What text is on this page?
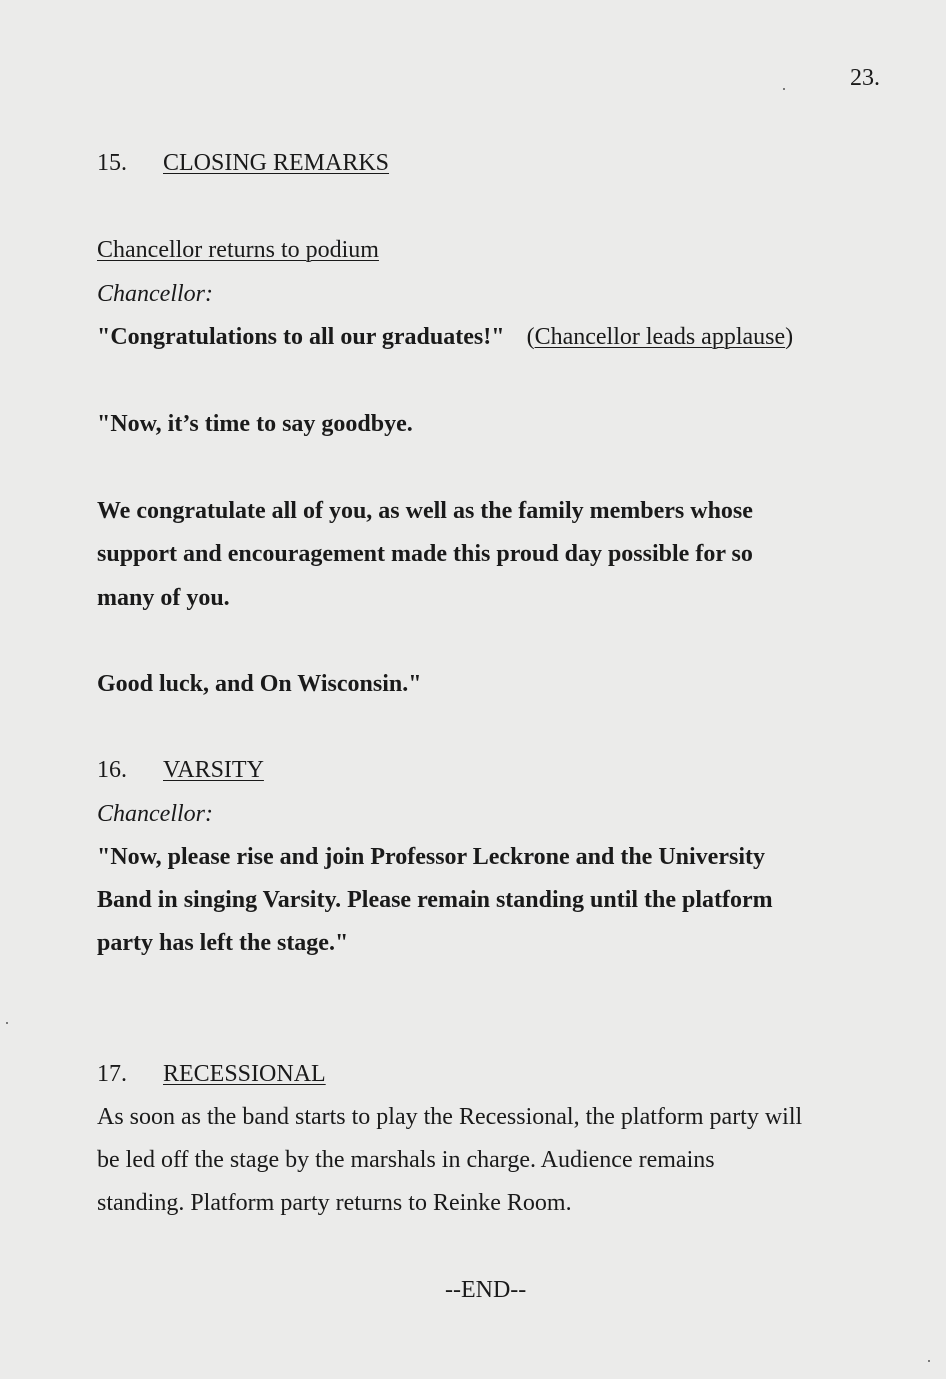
23.
15. CLOSING REMARKS
Chancellor returns to podium
Chancellor:
"Congratulations to all our graduates!" (Chancellor leads applause)
"Now, it’s time to say goodbye.
We congratulate all of you, as well as the family members whose
support and encouragement made this proud day possible for so
many of you.
Good luck, and On Wisconsin."
16. VARSITY
Chancellor:
"Now, please rise and join Professor Leckrone and the University
Band in singing Varsity. Please remain standing until the platform
party has left the stage."
17. RECESSIONAL
As soon as the band starts to play the Recessional, the platform party will
be led off the stage by the marshals in charge. Audience remains
standing. Platform party returns to Reinke Room.
--END--
